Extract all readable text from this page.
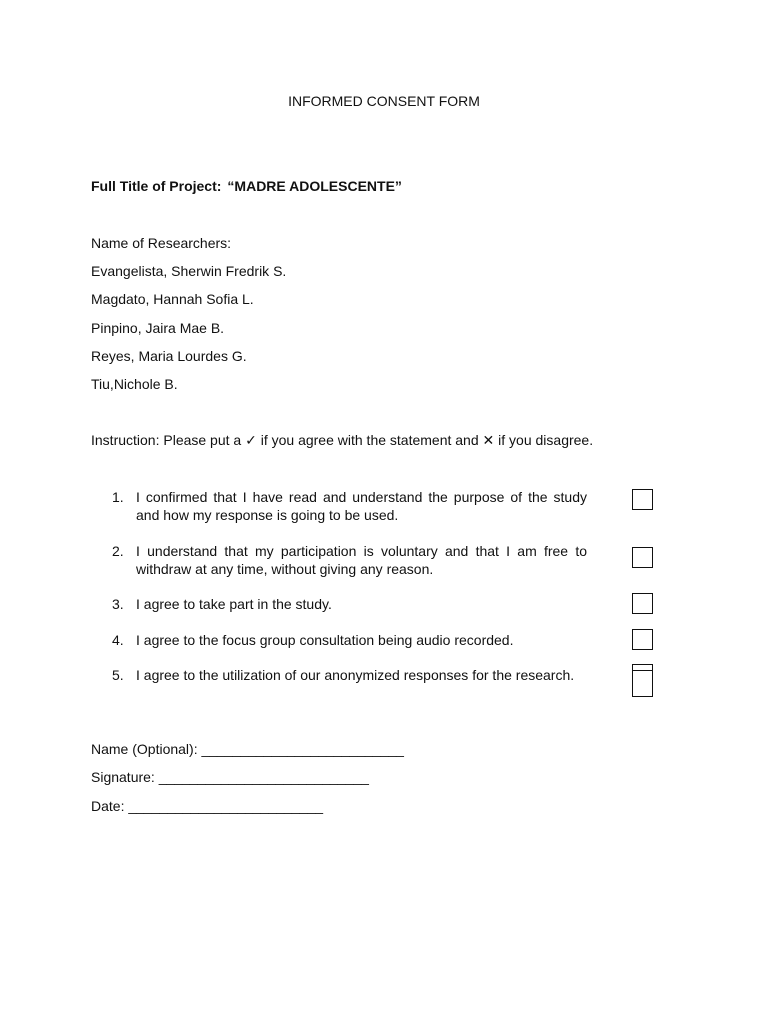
INFORMED CONSENT FORM
Full Title of Project: “MADRE ADOLESCENTE”
Name of Researchers:
Evangelista, Sherwin Fredrik S.
Magdato, Hannah Sofia L.
Pinpino, Jaira Mae B.
Reyes, Maria Lourdes G.
Tiu,Nichole B.
Instruction: Please put a ✓ if you agree with the statement and ✕ if you disagree.
1. I confirmed that I have read and understand the purpose of the study and how my response is going to be used.
2. I understand that my participation is voluntary and that I am free to withdraw at any time, without giving any reason.
3. I agree to take part in the study.
4. I agree to the focus group consultation being audio recorded.
5. I agree to the utilization of our anonymized responses for the research.
Name (Optional): __________________________
Signature: ___________________________
Date: _________________________
